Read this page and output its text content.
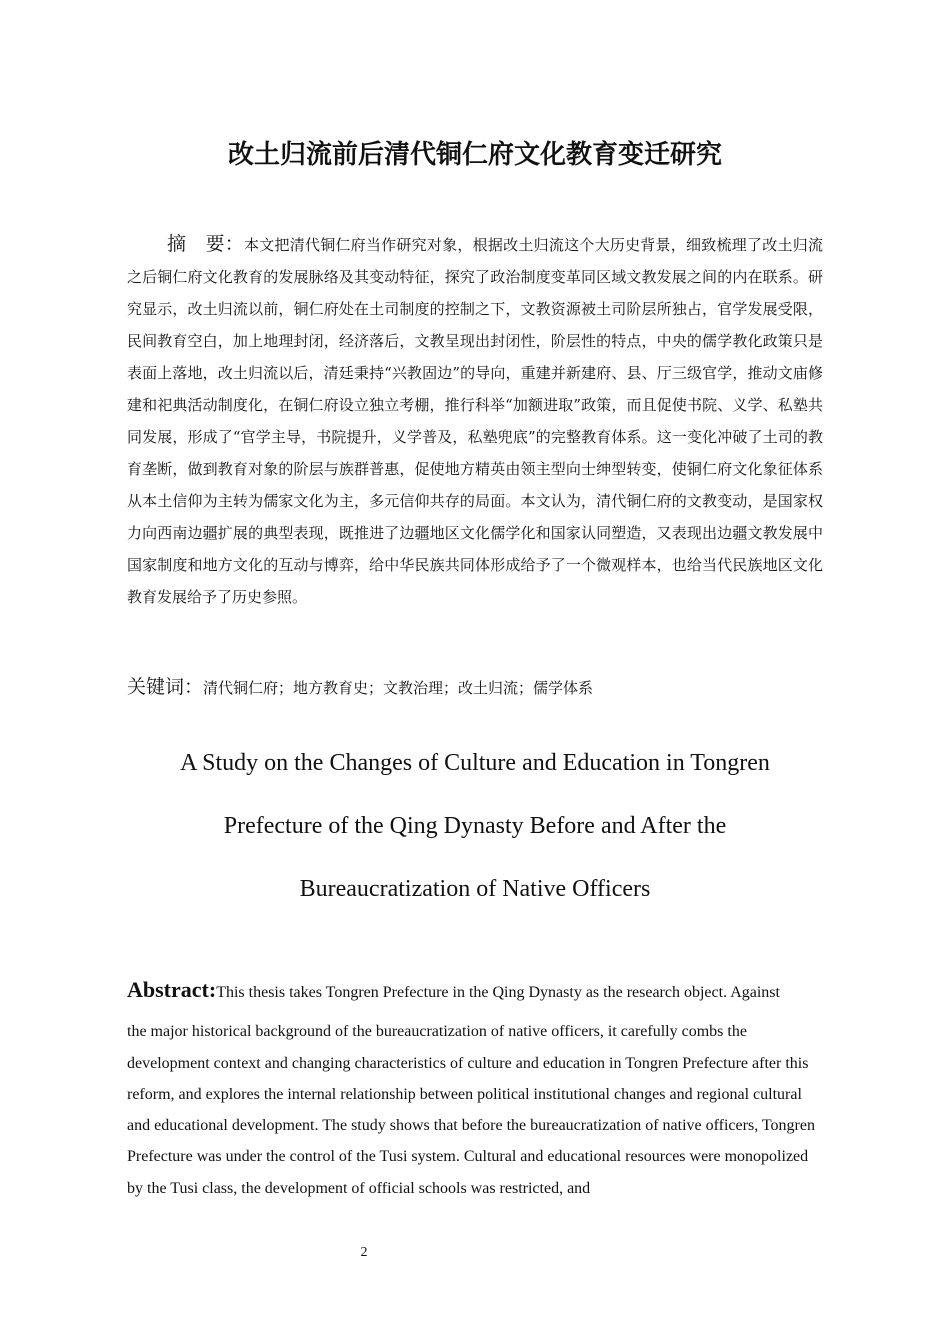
改土归流前后清代铜仁府文化教育变迁研究

摘　要：本文把清代铜仁府当作研究对象，根据改土归流这个大历史背景，细致梳理了改土归流之后铜仁府文化教育的发展脉络及其变动特征，探究了政治制度变革同区域文教发展之间的内在联系。研究显示，改土归流以前，铜仁府处在土司制度的控制之下，文教资源被土司阶层所独占，官学发展受限，民间教育空白，加上地理封闭，经济落后，文教呈现出封闭性，阶层性的特点，中央的儒学教化政策只是表面上落地，改土归流以后，清廷秉持“兴教固边”的导向，重建并新建府、县、厅三级官学，推动文庙修建和祀典活动制度化，在铜仁府设立独立考棚，推行科举“加额进取”政策，而且促使书院、义学、私塾共同发展，形成了“官学主导，书院提升，义学普及，私塾兜底”的完整教育体系。这一变化冲破了土司的教育垄断，做到教育对象的阶层与族群普惠，促使地方精英由领主型向士绅型转变，使铜仁府文化象征体系从本土信仰为主转为儒家文化为主，多元信仰共存的局面。本文认为，清代铜仁府的文教变动，是国家权力向西南边疆扩展的典型表现，既推进了边疆地区文化儒学化和国家认同塑造，又表现出边疆文教发展中国家制度和地方文化的互动与博弈，给中华民族共同体形成给予了一个微观样本，也给当代民族地区文化教育发展给予了历史参照。

关键词：清代铜仁府；地方教育史；文教治理；改土归流；儒学体系

A Study on the Changes of Culture and Education in Tongren
Prefecture of the Qing Dynasty Before and After the
Bureaucratization of Native Officers
Abstract:This thesis takes Tongren Prefecture in the Qing Dynasty as the research object. Against
the major historical background of the bureaucratization of native officers, it carefully combs the development context and changing characteristics of culture and education in Tongren Prefecture after this reform, and explores the internal relationship between political institutional changes and regional cultural and educational development. The study shows that before the bureaucratization of native officers, Tongren Prefecture was under the control of the Tusi system. Cultural and educational resources were monopolized by the Tusi class, the development of official schools was restricted, and
2
